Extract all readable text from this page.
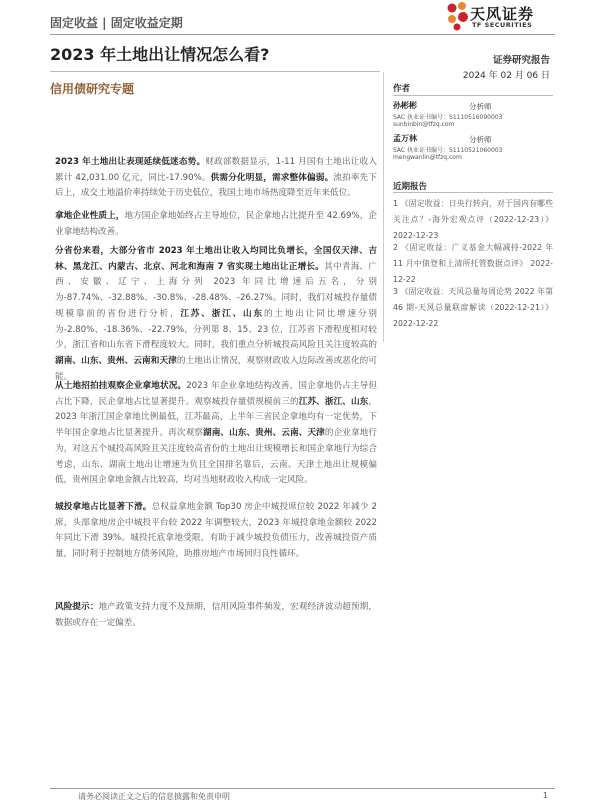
固定收益 | 固定收益定期	天风证券
TF SECURITIES
2023 年土地出让情况怎么看?	证券研究报告
2024 年 02 月 06 日
信用债研究专题	作者
孙彬彬	分析师
SAC 执业证书编号：S1110516090003
sunbinbin@tfzq.com
孟万林	分析师
SAC 执业证书编号：S1110521060003
mengwanlin@tfzq.com
近期报告
1 《固定收益：日央行转向，对于国内有哪些关注点？-海外宏观点评（2022-12-23）》 2022-12-23
2 《固定收益：广义基金大幅减持-2022 年 11 月中债登和上清所托管数据点评》 2022-12-22
3 《固定收益：天风总量每周论势 2022 年第 46 期-天风总量联席解读（2022-12-21）》 2022-12-22
2023 年土地出让表现延续低迷态势。财政部数据显示，1-11 月国有土地出让收入累计 42,031.00 亿元，同比-17.90%。供需分化明显，需求整体偏弱。流拍率先下后上，成交土地溢价率持续处于历史低位，我国土地市场热度降至近年来低位。
拿地企业性质上，地方国企拿地始终占主导地位，民企拿地占比提升至 42.69%，企业拿地结构改善。
分省份来看，大部分省市 2023 年土地出让收入均同比负增长，全国仅天津、吉林、黑龙江、内蒙古、北京、河北和海南 7 省实现土地出让正增长。其中青海、广西、安徽、辽宁、上海分列 2023 年同比增速后五名，分别为-87.74%、-32.88%、-30.8%、-28.48%、-26.27%。同时，我们对城投存量债规模靠前的省份进行分析，江苏、浙江、山东的土地出让同比增速分别为-2.80%、-18.36%、-22.79%，分列第 8、15、23 位，江苏省下滑程度相对较少，浙江省和山东省下滑程度较大。同时，我们重点分析城投高风险且关注度较高的湖南、山东、贵州、云南和天津的土地出让情况，观察财政收入边际改善或恶化的可能。
从土地招拍挂观察企业拿地状况。2023 年企业拿地结构改善，国企拿地仍占主导但占比下降，民企拿地占比显著提升。观察城投存量债规模前三的江苏、浙江、山东，2023 年浙江国企拿地比例最低，江苏最高，上半年三省民企拿地均有一定优势，下半年国企拿地占比显著提升。再次观察湖南、山东、贵州、云南、天津的企业拿地行为，对这五个城投高风险且关注度较高省份的土地出让规模增长和国企拿地行为综合考虑，山东、湖南土地出让增速为负且全国排名靠后，云南、天津土地出让规模偏低，贵州国企拿地金额占比较高，均对当地财政收入构成一定风险。
城投拿地占比显著下滑。总权益拿地金额 Top30 房企中城投席位较 2022 年减少 2 席，头部拿地房企中城投平台较 2022 年调整较大，2023 年城投拿地金额较 2022 年同比下滑 39%。城投托底拿地受限，有助于减少城投负债压力，改善城投资产质量，同时利于控制地方债务风险，助推房地产市场回归良性循环。
风险提示：地产政策支持力度不及预期，信用风险事件频发，宏观经济波动超预期，数据或存在一定偏差。
请务必阅读正文之后的信息披露和免责申明	1
